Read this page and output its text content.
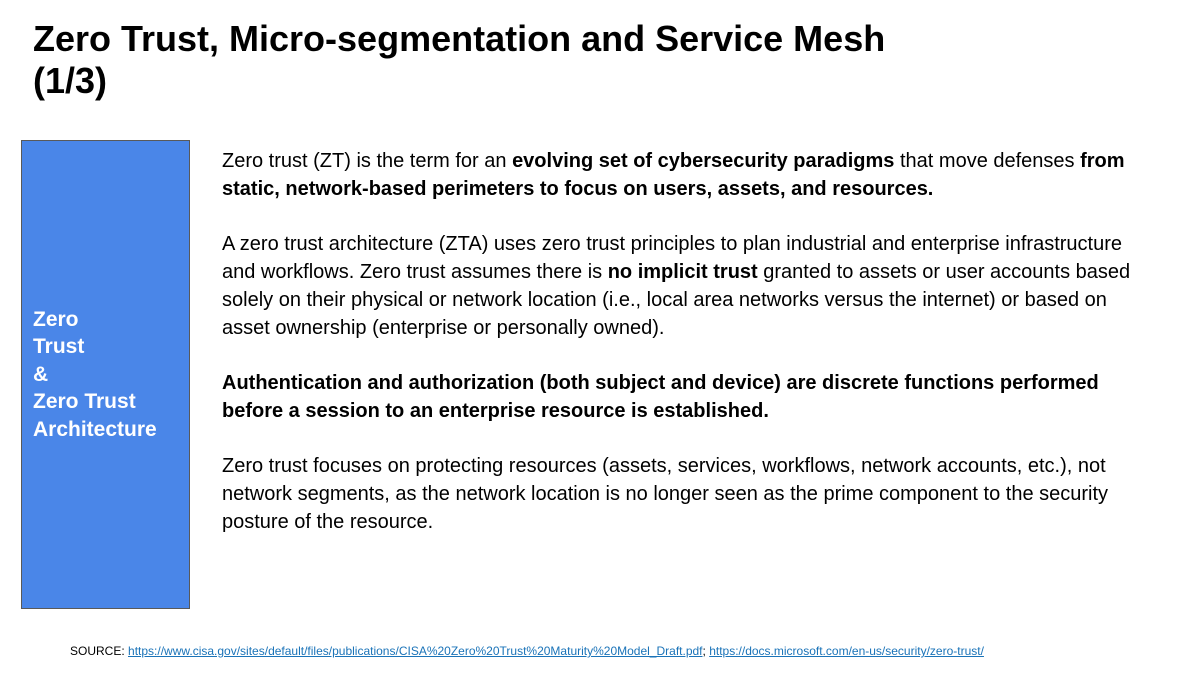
Zero Trust, Micro-segmentation and Service Mesh
(1/3)
Zero
Trust
&
Zero Trust
Architecture

Zero trust (ZT) is the term for an evolving set of cybersecurity paradigms that move defenses from static, network-based perimeters to focus on users, assets, and resources.

A zero trust architecture (ZTA) uses zero trust principles to plan industrial and enterprise infrastructure and workflows. Zero trust assumes there is no implicit trust granted to assets or user accounts based solely on their physical or network location (i.e., local area networks versus the internet) or based on asset ownership (enterprise or personally owned).

Authentication and authorization (both subject and device) are discrete functions performed before a session to an enterprise resource is established.

Zero trust focuses on protecting resources (assets, services, workflows, network accounts, etc.), not network segments, as the network location is no longer seen as the prime component to the security posture of the resource.

SOURCE: https://www.cisa.gov/sites/default/files/publications/CISA%20Zero%20Trust%20Maturity%20Model_Draft.pdf; https://docs.microsoft.com/en-us/security/zero-trust/
